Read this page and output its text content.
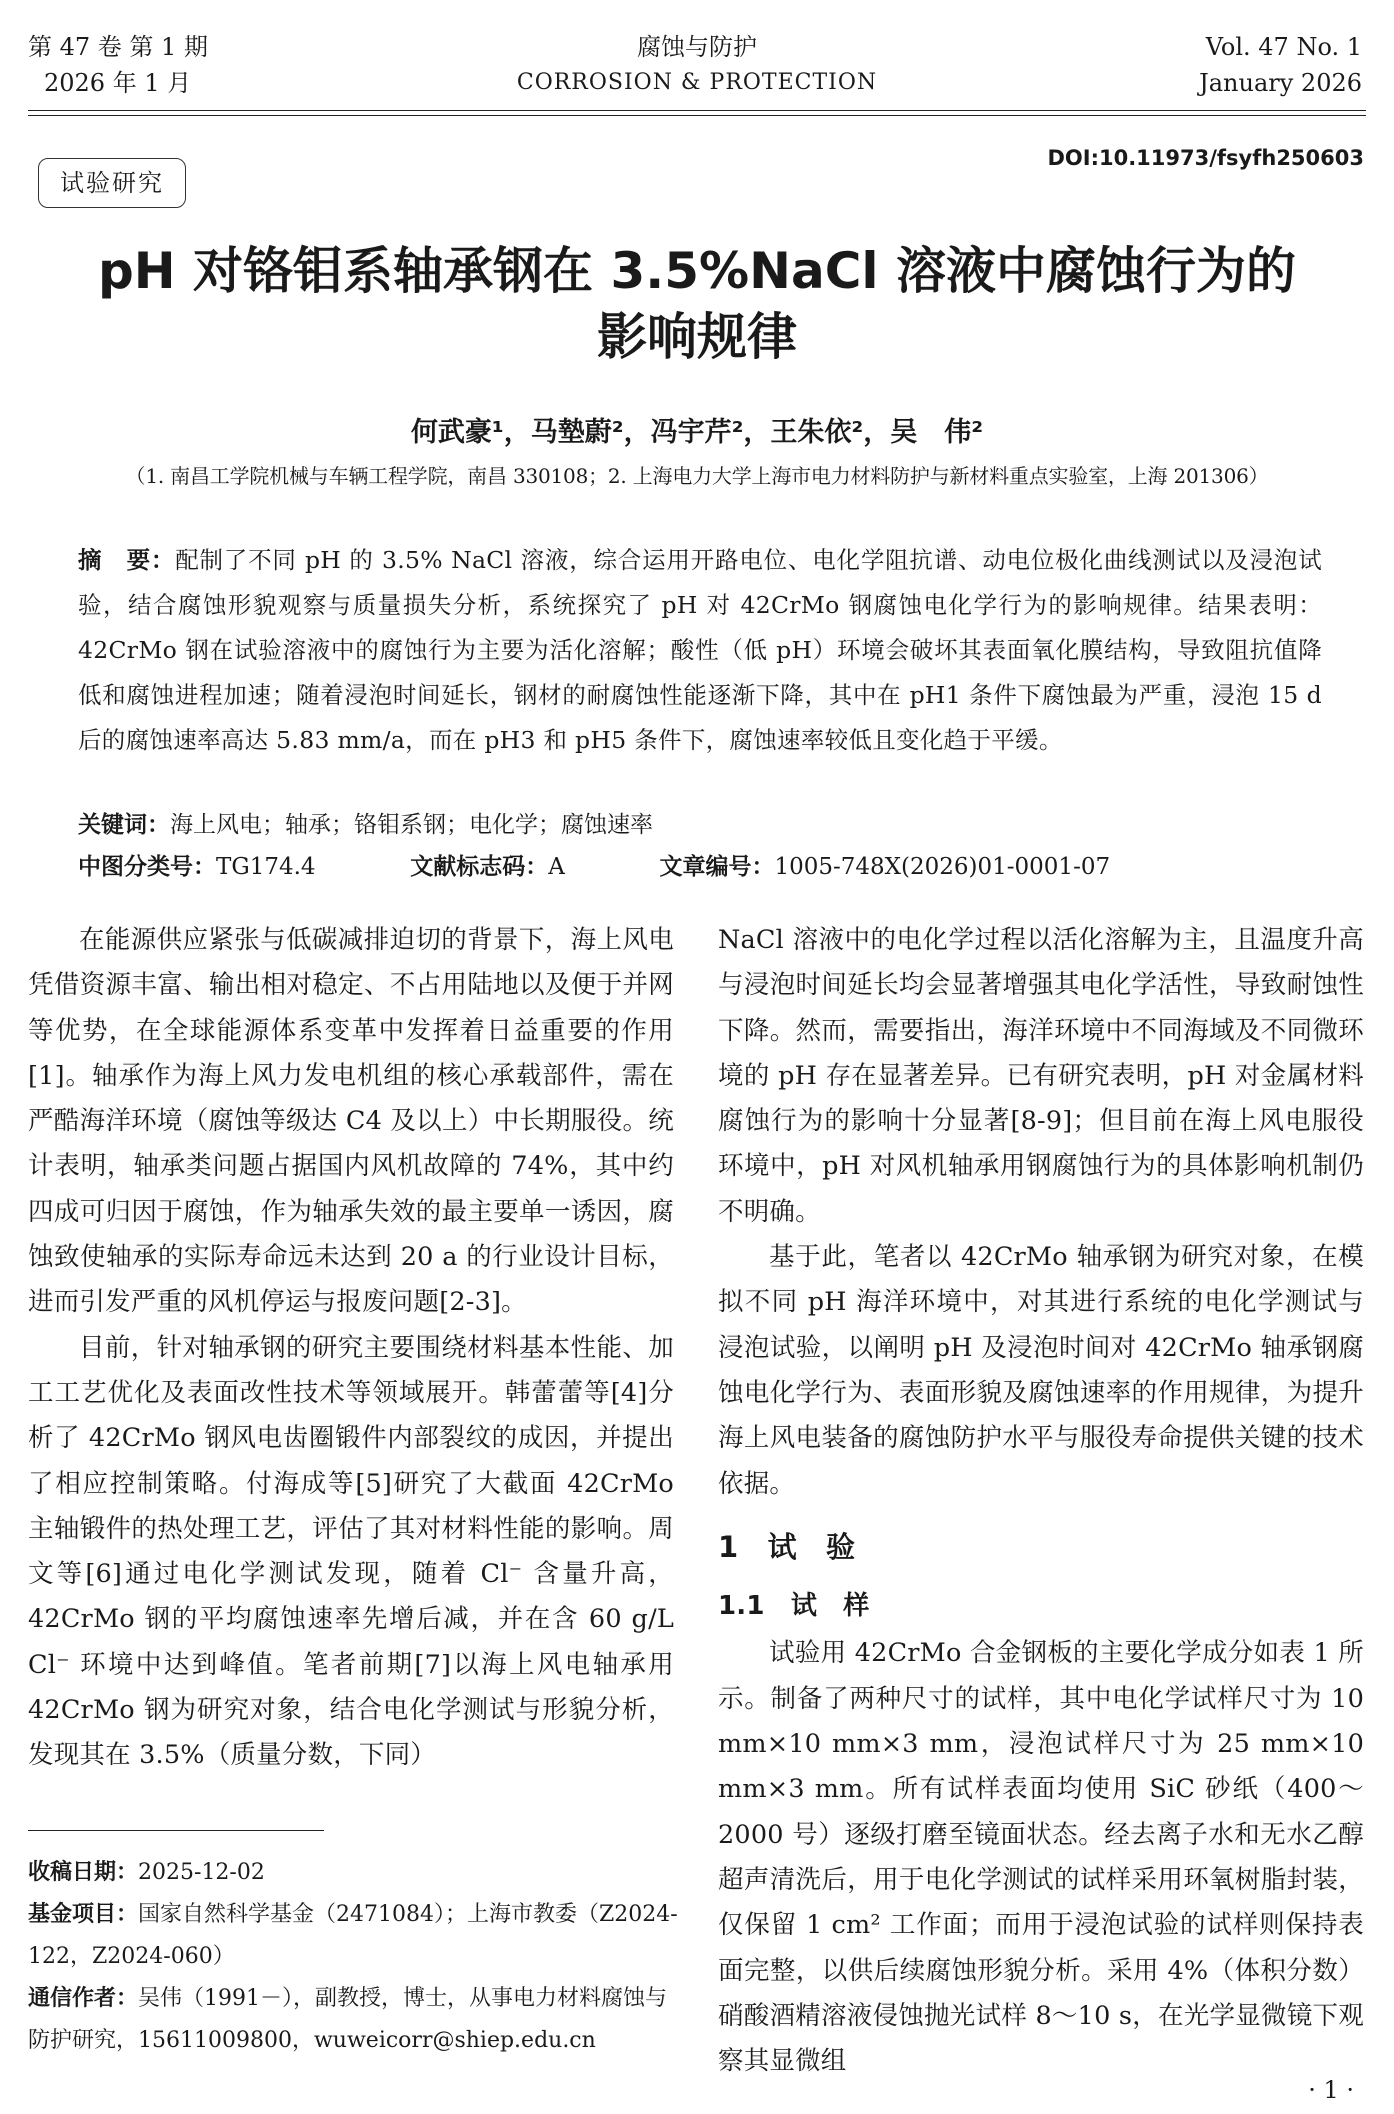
第 47 卷 第 1 期
2026 年 1 月
腐蚀与防护
CORROSION & PROTECTION
Vol. 47 No. 1
January 2026
DOI:10.11973/fsyfh250603
试验研究
pH 对铬钼系轴承钢在 3.5%NaCl 溶液中腐蚀行为的
影响规律
何武豪¹，马墊蔚²，冯宇芹²，王朱依²，吴　伟²
（1. 南昌工学院机械与车辆工程学院，南昌 330108；2. 上海电力大学上海市电力材料防护与新材料重点实验室，上海 201306）
摘　要：配制了不同 pH 的 3.5% NaCl 溶液，综合运用开路电位、电化学阻抗谱、动电位极化曲线测试以及浸泡试验，结合腐蚀形貌观察与质量损失分析，系统探究了 pH 对 42CrMo 钢腐蚀电化学行为的影响规律。结果表明：42CrMo 钢在试验溶液中的腐蚀行为主要为活化溶解；酸性（低 pH）环境会破坏其表面氧化膜结构，导致阻抗值降低和腐蚀进程加速；随着浸泡时间延长，钢材的耐腐蚀性能逐渐下降，其中在 pH1 条件下腐蚀最为严重，浸泡 15 d 后的腐蚀速率高达 5.83 mm/a，而在 pH3 和 pH5 条件下，腐蚀速率较低且变化趋于平缓。
关键词：海上风电；轴承；铬钼系钢；电化学；腐蚀速率
中图分类号：TG174.4	文献标志码：A	文章编号：1005-748X(2026)01-0001-07

在能源供应紧张与低碳减排迫切的背景下，海上风电凭借资源丰富、输出相对稳定、不占用陆地以及便于并网等优势，在全球能源体系变革中发挥着日益重要的作用[1]。轴承作为海上风力发电机组的核心承载部件，需在严酷海洋环境（腐蚀等级达 C4 及以上）中长期服役。统计表明，轴承类问题占据国内风机故障的 74%，其中约四成可归因于腐蚀，作为轴承失效的最主要单一诱因，腐蚀致使轴承的实际寿命远未达到 20 a 的行业设计目标，进而引发严重的风机停运与报废问题[2-3]。

目前，针对轴承钢的研究主要围绕材料基本性能、加工工艺优化及表面改性技术等领域展开。韩蕾蕾等[4]分析了 42CrMo 钢风电齿圈锻件内部裂纹的成因，并提出了相应控制策略。付海成等[5]研究了大截面 42CrMo 主轴锻件的热处理工艺，评估了其对材料性能的影响。周文等[6]通过电化学测试发现，随着 Cl⁻ 含量升高，42CrMo 钢的平均腐蚀速率先增后减，并在含 60 g/L Cl⁻ 环境中达到峰值。笔者前期[7]以海上风电轴承用 42CrMo 钢为研究对象，结合电化学测试与形貌分析，发现其在 3.5%（质量分数，下同）

NaCl 溶液中的电化学过程以活化溶解为主，且温度升高与浸泡时间延长均会显著增强其电化学活性，导致耐蚀性下降。然而，需要指出，海洋环境中不同海域及不同微环境的 pH 存在显著差异。已有研究表明，pH 对金属材料腐蚀行为的影响十分显著[8-9]；但目前在海上风电服役环境中，pH 对风机轴承用钢腐蚀行为的具体影响机制仍不明确。

基于此，笔者以 42CrMo 轴承钢为研究对象，在模拟不同 pH 海洋环境中，对其进行系统的电化学测试与浸泡试验，以阐明 pH 及浸泡时间对 42CrMo 轴承钢腐蚀电化学行为、表面形貌及腐蚀速率的作用规律，为提升海上风电装备的腐蚀防护水平与服役寿命提供关键的技术依据。

1　试　验
1.1　试　样

试验用 42CrMo 合金钢板的主要化学成分如表 1 所示。制备了两种尺寸的试样，其中电化学试样尺寸为 10 mm×10 mm×3 mm，浸泡试样尺寸为 25 mm×10 mm×3 mm。所有试样表面均使用 SiC 砂纸（400～2000 号）逐级打磨至镜面状态。经去离子水和无水乙醇超声清洗后，用于电化学测试的试样采用环氧树脂封装，仅保留 1 cm² 工作面；而用于浸泡试验的试样则保持表面完整，以供后续腐蚀形貌分析。采用 4%（体积分数）硝酸酒精溶液侵蚀抛光试样 8～10 s，在光学显微镜下观察其显微组

收稿日期：2025-12-02
基金项目：国家自然科学基金（2471084）；上海市教委（Z2024-122，Z2024-060）
通信作者：吴伟（1991－），副教授，博士，从事电力材料腐蚀与防护研究，15611009800，wuweicorr@shiep.edu.cn
· 1 ·
